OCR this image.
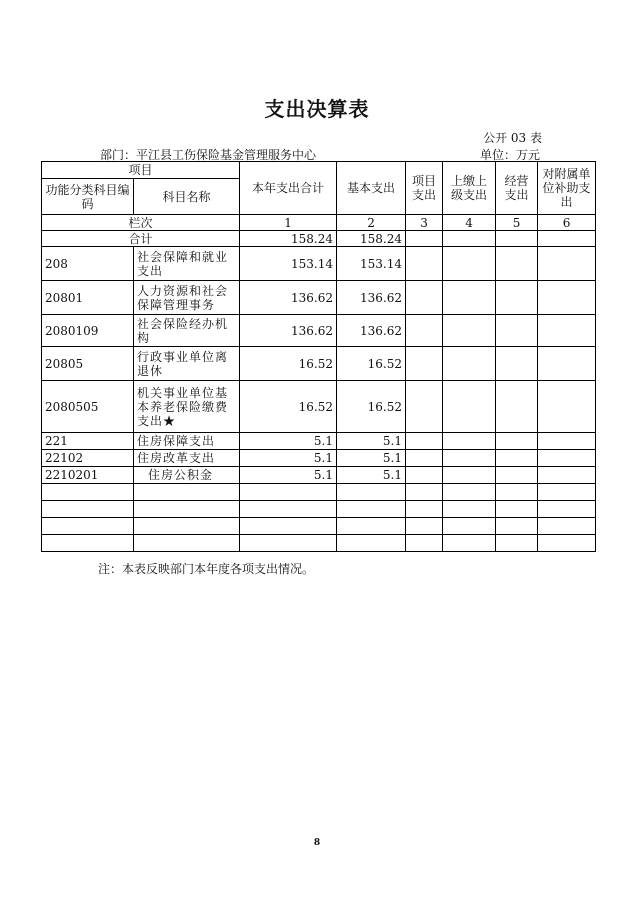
支出决算表
公开 03 表
部门：平江县工伤保险基金管理服务中心	单位：万元
项目		本年支出合计	基本支出	项目支出	上缴上级支出	经营支出	对附属单位补助支出
功能分类科目编码	科目名称						
栏次		1	2	3	4	5	6
合计		158.24	158.24				
208	社会保障和就业支出	153.14	153.14				
20801	人力资源和社会保障管理事务	136.62	136.62				
2080109	社会保险经办机构	136.62	136.62				
20805	行政事业单位离退休	16.52	16.52				
2080505	机关事业单位基本养老保险缴费支出★	16.52	16.52				
221	住房保障支出	5.1	5.1				
22102	住房改革支出	5.1	5.1				
2210201	住房公积金	5.1	5.1				

注：本表反映部门本年度各项支出情况。
8
